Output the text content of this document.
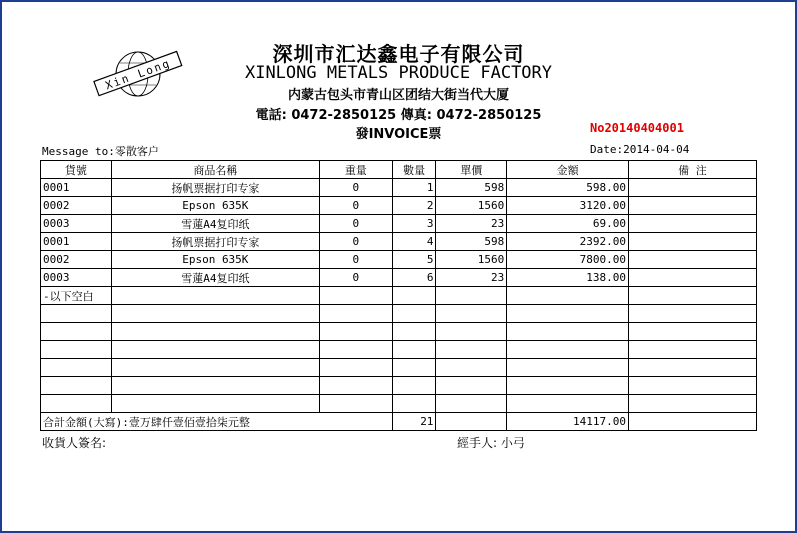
Xin Long
深圳市汇达鑫电子有限公司
XINLONG METALS PRODUCE FACTORY
内蒙古包头市青山区团结大街当代大厦
電話: 0472-2850125 傳真: 0472-2850125
發INVOICE票	No20140404001
Message to:零散客户	Date:2014-04-04
貨號	商品名稱	重量	數量	單價	金額	備 注
0001	扬帆票据打印专家	0	1	598	598.00	
0002	Epson 635K	0	2	1560	3120.00	
0003	雪蓮A4复印纸	0	3	23	69.00	
0001	扬帆票据打印专家	0	4	598	2392.00	
0002	Epson 635K	0	5	1560	7800.00	
0003	雪蓮A4复印纸	0	6	23	138.00	
-以下空白						

合計金額(大寫):壹万肆仟壹佰壹拾柒元整			21		14117.00	
收貨人簽名:	經手人: 小弓
